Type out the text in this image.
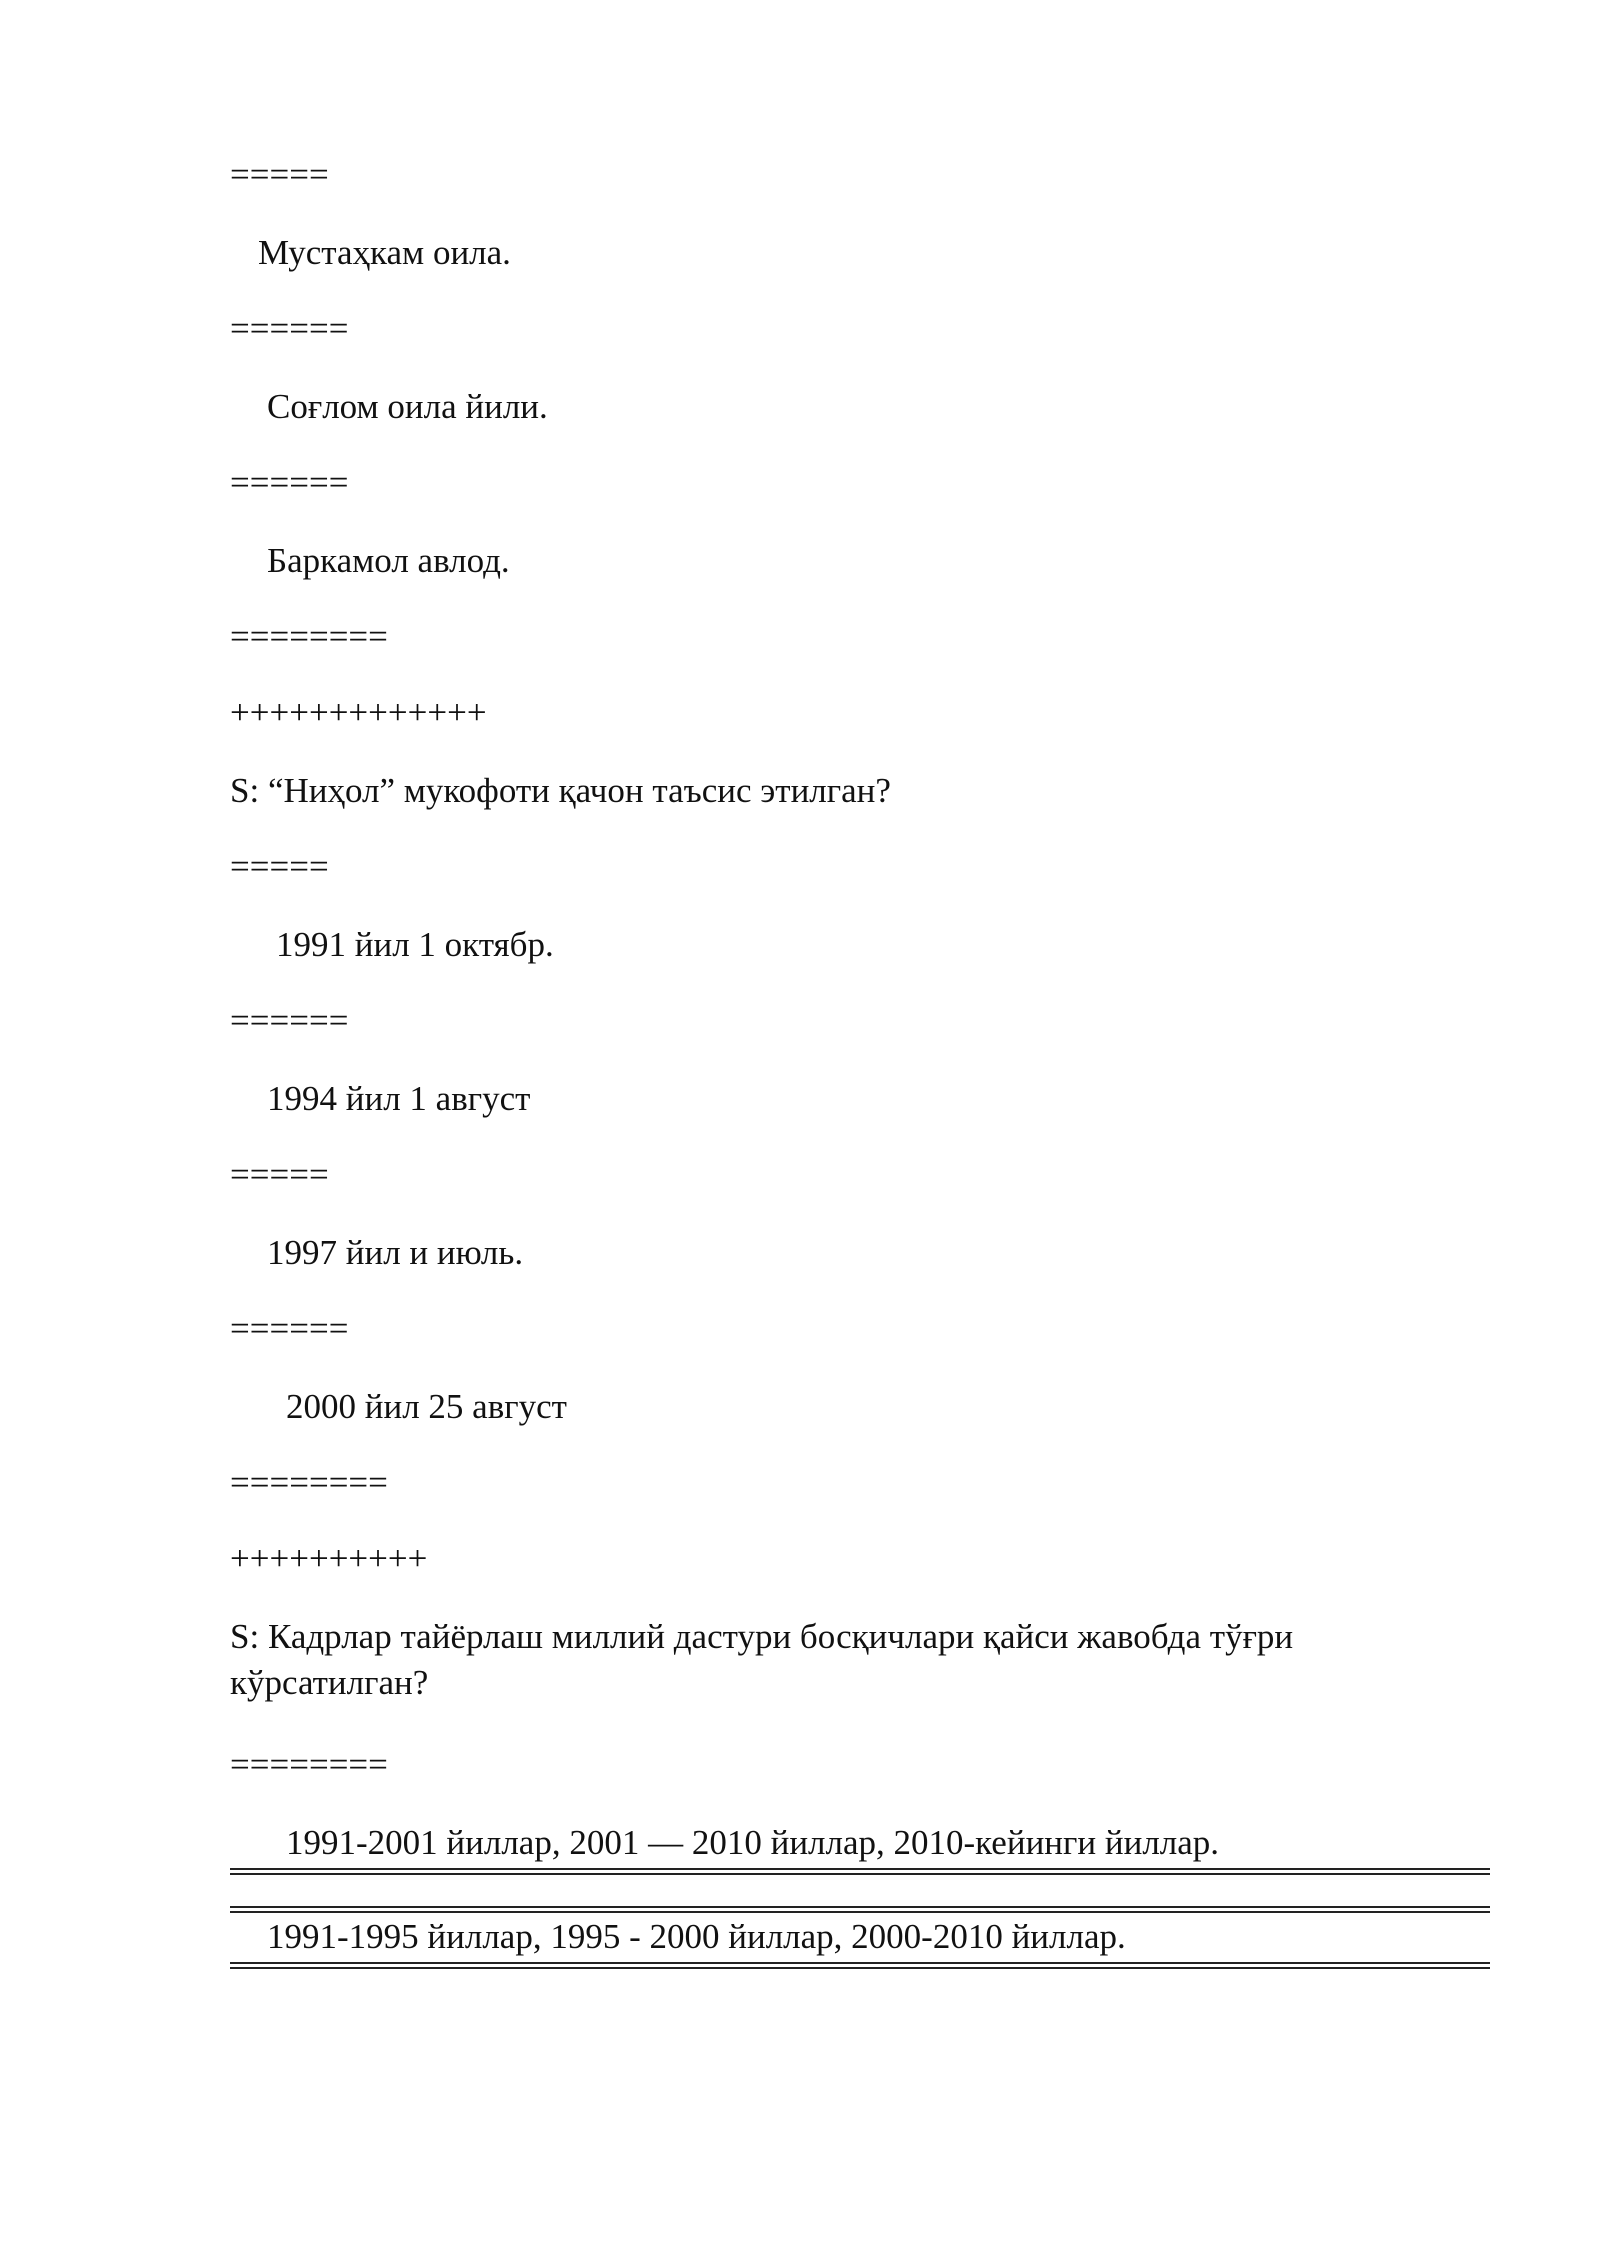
=====
Мустаҳкам оила.
======
Соғлом оила йили.
======
Баркамол авлод.
========
+++++++++++++
S: “Ниҳол” мукофоти қачон таъсис этилган?
=====
1991 йил 1 октябр.
======
1994 йил 1 август
=====
1997 йил и июль.
======
2000 йил 25 август
========
++++++++++
S: Кадрлар тайёрлаш миллий дастури босқичлари қайси жавобда тўғри кўрсатилган?
========
1991-2001 йиллар, 2001 — 2010 йиллар, 2010-кейинги йиллар.
1991-1995 йиллар, 1995 - 2000 йиллар, 2000-2010 йиллар.
